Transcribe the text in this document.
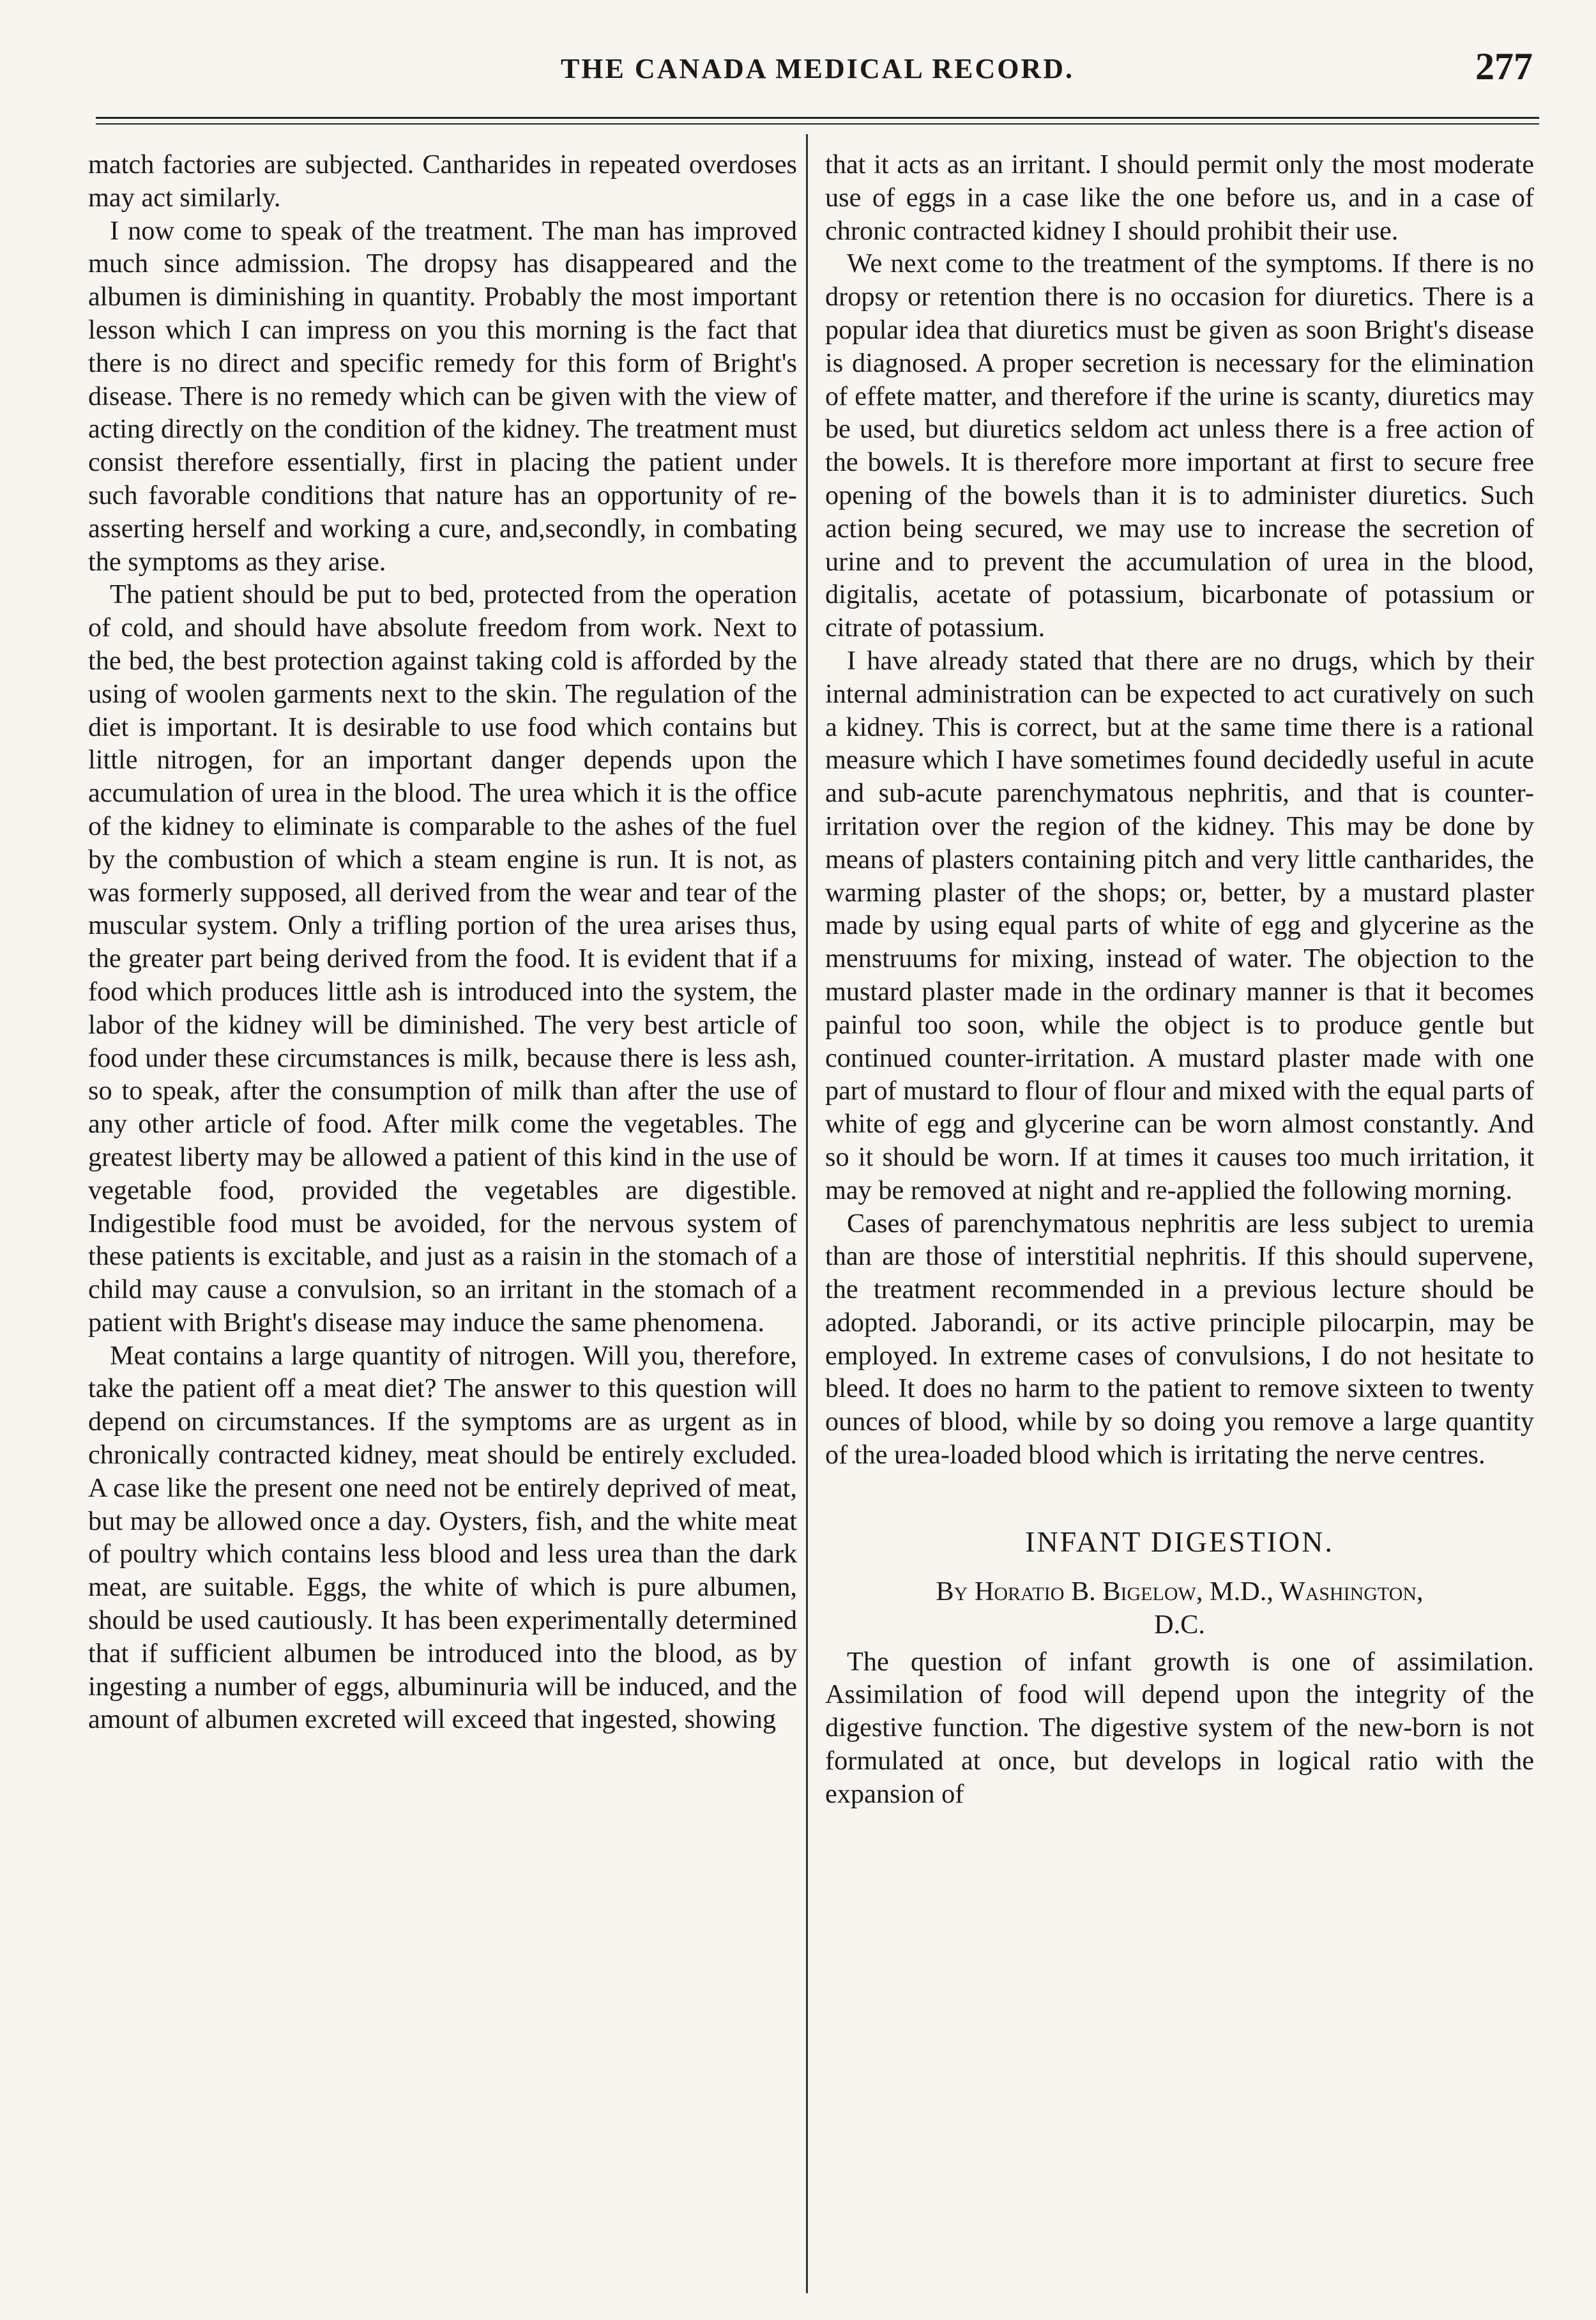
THE CANADA MEDICAL RECORD.	277

match factories are subjected. Cantharides in repeated overdoses may act similarly.

I now come to speak of the treatment. The man has improved much since admission. The dropsy has disappeared and the albumen is diminishing in quantity. Probably the most important lesson which I can impress on you this morning is the fact that there is no direct and specific remedy for this form of Bright's disease. There is no remedy which can be given with the view of acting directly on the condition of the kidney. The treatment must consist therefore essentially, first in placing the patient under such favorable conditions that nature has an opportunity of reasserting herself and working a cure, and,secondly, in combating the symptoms as they arise.

The patient should be put to bed, protected from the operation of cold, and should have absolute freedom from work. Next to the bed, the best protection against taking cold is afforded by the using of woolen garments next to the skin. The regulation of the diet is important. It is desirable to use food which contains but little nitrogen, for an important danger depends upon the accumulation of urea in the blood. The urea which it is the office of the kidney to eliminate is comparable to the ashes of the fuel by the combustion of which a steam engine is run. It is not, as was formerly supposed, all derived from the wear and tear of the muscular system. Only a trifling portion of the urea arises thus, the greater part being derived from the food. It is evident that if a food which produces little ash is introduced into the system, the labor of the kidney will be diminished. The very best article of food under these circumstances is milk, because there is less ash, so to speak, after the consumption of milk than after the use of any other article of food. After milk come the vegetables. The greatest liberty may be allowed a patient of this kind in the use of vegetable food, provided the vegetables are digestible. Indigestible food must be avoided, for the nervous system of these patients is excitable, and just as a raisin in the stomach of a child may cause a convulsion, so an irritant in the stomach of a patient with Bright's disease may induce the same phenomena.

Meat contains a large quantity of nitrogen. Will you, therefore, take the patient off a meat diet? The answer to this question will depend on circumstances. If the symptoms are as urgent as in chronically contracted kidney, meat should be entirely excluded. A case like the present one need not be entirely deprived of meat, but may be allowed once a day. Oysters, fish, and the white meat of poultry which contains less blood and less urea than the dark meat, are suitable. Eggs, the white of which is pure albumen, should be used cautiously. It has been experimentally determined that if sufficient albumen be introduced into the blood, as by ingesting a number of eggs, albuminuria will be induced, and the amount of albumen excreted will exceed that ingested, showing

that it acts as an irritant. I should permit only the most moderate use of eggs in a case like the one before us, and in a case of chronic contracted kidney I should prohibit their use.

We next come to the treatment of the symptoms. If there is no dropsy or retention there is no occasion for diuretics. There is a popular idea that diuretics must be given as soon Bright's disease is diagnosed. A proper secretion is necessary for the elimination of effete matter, and therefore if the urine is scanty, diuretics may be used, but diuretics seldom act unless there is a free action of the bowels. It is therefore more important at first to secure free opening of the bowels than it is to administer diuretics. Such action being secured, we may use to increase the secretion of urine and to prevent the accumulation of urea in the blood, digitalis, acetate of potassium, bicarbonate of potassium or citrate of potassium.

I have already stated that there are no drugs, which by their internal administration can be expected to act curatively on such a kidney. This is correct, but at the same time there is a rational measure which I have sometimes found decidedly useful in acute and sub-acute parenchymatous nephritis, and that is counter-irritation over the region of the kidney. This may be done by means of plasters containing pitch and very little cantharides, the warming plaster of the shops; or, better, by a mustard plaster made by using equal parts of white of egg and glycerine as the menstruums for mixing, instead of water. The objection to the mustard plaster made in the ordinary manner is that it becomes painful too soon, while the object is to produce gentle but continued counter-irritation. A mustard plaster made with one part of mustard to flour of flour and mixed with the equal parts of white of egg and glycerine can be worn almost constantly. And so it should be worn. If at times it causes too much irritation, it may be removed at night and re-applied the following morning.

Cases of parenchymatous nephritis are less subject to uremia than are those of interstitial nephritis. If this should supervene, the treatment recommended in a previous lecture should be adopted. Jaborandi, or its active principle pilocarpin, may be employed. In extreme cases of convulsions, I do not hesitate to bleed. It does no harm to the patient to remove sixteen to twenty ounces of blood, while by so doing you remove a large quantity of the urea-loaded blood which is irritating the nerve centres.

INFANT DIGESTION.
By Horatio B. Bigelow, M.D., Washington,
D.C.

The question of infant growth is one of assimilation. Assimilation of food will depend upon the integrity of the digestive function. The digestive system of the new-born is not formulated at once, but develops in logical ratio with the expansion of
